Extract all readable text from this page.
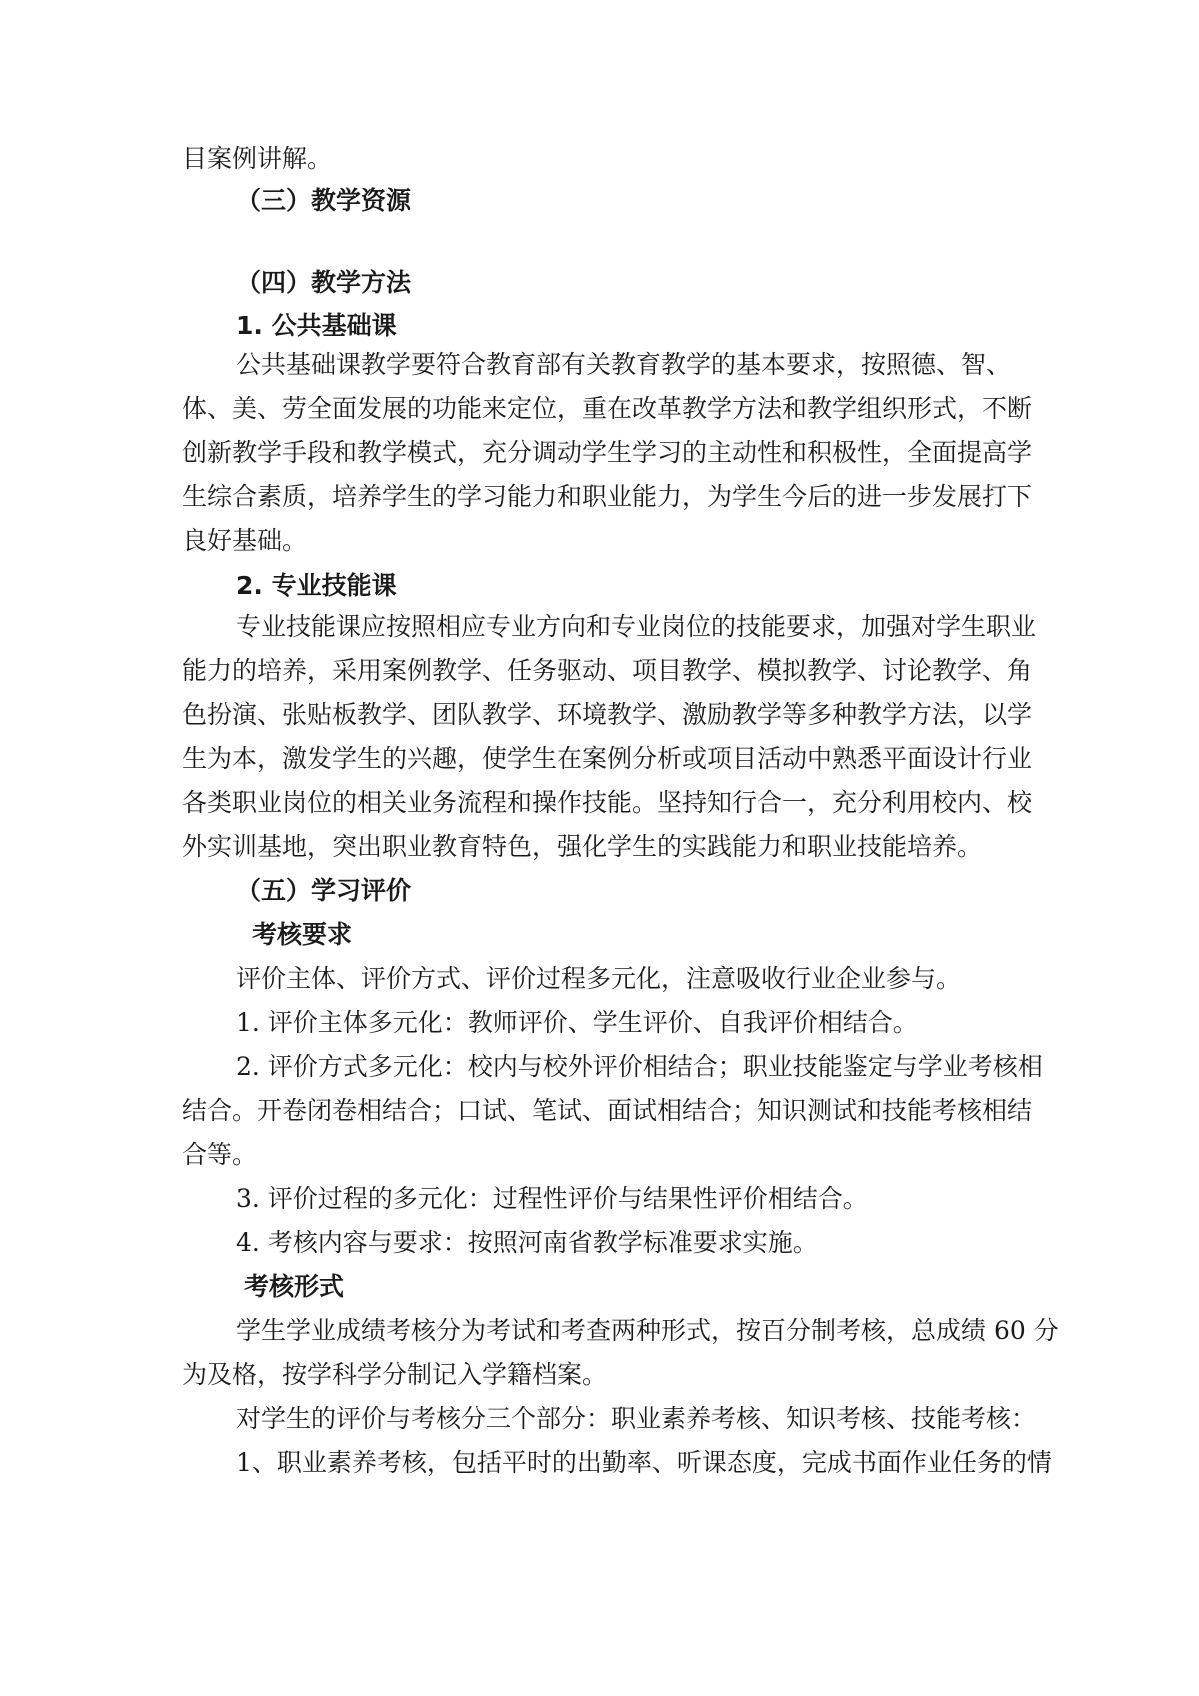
目案例讲解。
（三）教学资源
（四）教学方法
1. 公共基础课
公共基础课教学要符合教育部有关教育教学的基本要求，按照德、智、
体、美、劳全面发展的功能来定位，重在改革教学方法和教学组织形式，不断
创新教学手段和教学模式，充分调动学生学习的主动性和积极性，全面提高学
生综合素质，培养学生的学习能力和职业能力，为学生今后的进一步发展打下
良好基础。
2. 专业技能课
专业技能课应按照相应专业方向和专业岗位的技能要求，加强对学生职业
能力的培养，采用案例教学、任务驱动、项目教学、模拟教学、讨论教学、角
色扮演、张贴板教学、团队教学、环境教学、激励教学等多种教学方法，以学
生为本，激发学生的兴趣，使学生在案例分析或项目活动中熟悉平面设计行业
各类职业岗位的相关业务流程和操作技能。坚持知行合一，充分利用校内、校
外实训基地，突出职业教育特色，强化学生的实践能力和职业技能培养。
（五）学习评价
考核要求
评价主体、评价方式、评价过程多元化，注意吸收行业企业参与。
1. 评价主体多元化：教师评价、学生评价、自我评价相结合。
2. 评价方式多元化：校内与校外评价相结合；职业技能鉴定与学业考核相
结合。开卷闭卷相结合；口试、笔试、面试相结合；知识测试和技能考核相结
合等。
3. 评价过程的多元化：过程性评价与结果性评价相结合。
4. 考核内容与要求：按照河南省教学标准要求实施。
考核形式
学生学业成绩考核分为考试和考查两种形式，按百分制考核，总成绩 60 分
为及格，按学科学分制记入学籍档案。
对学生的评价与考核分三个部分：职业素养考核、知识考核、技能考核：
1、职业素养考核，包括平时的出勤率、听课态度，完成书面作业任务的情
